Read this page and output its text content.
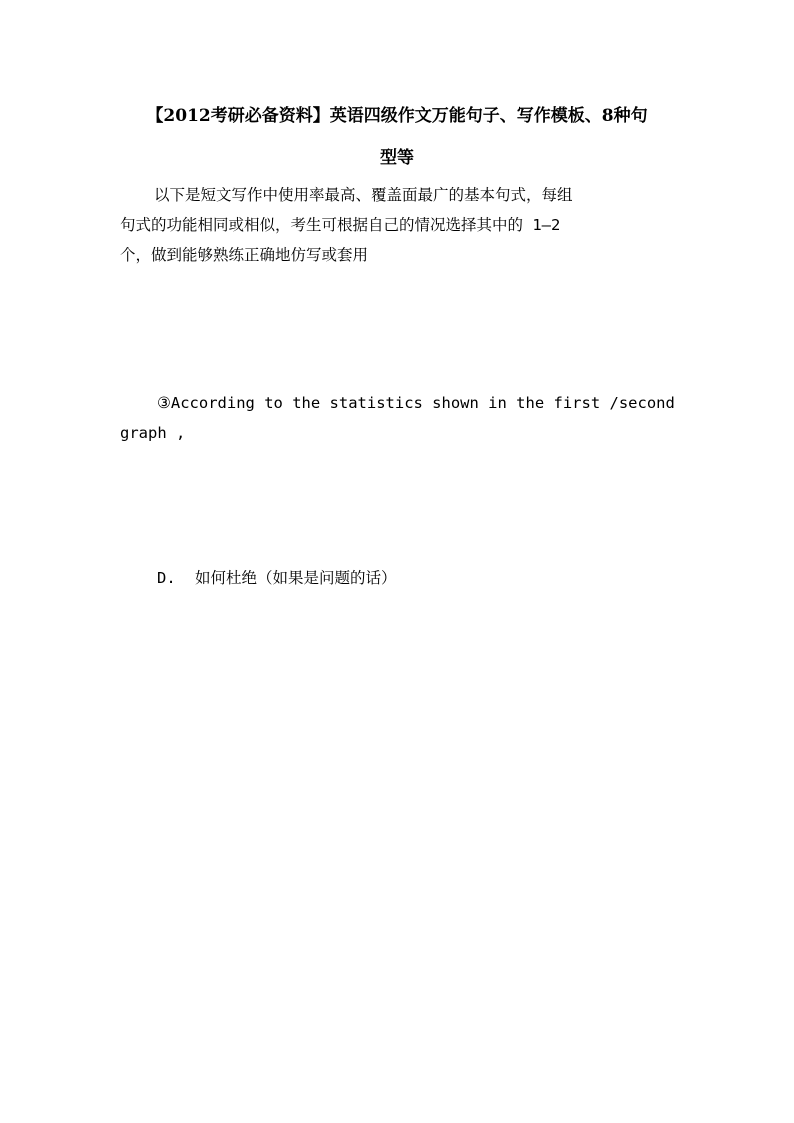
【2012考研必备资料】英语四级作文万能句子、写作模板、8种句
型等
以下是短文写作中使用率最高、覆盖面最广的基本句式，每组
句式的功能相同或相似，考生可根据自己的情况选择其中的 1—2
个，做到能够熟练正确地仿写或套用
③According to the statistics shown in the first /second
graph ,
D. 如何杜绝（如果是问题的话）
